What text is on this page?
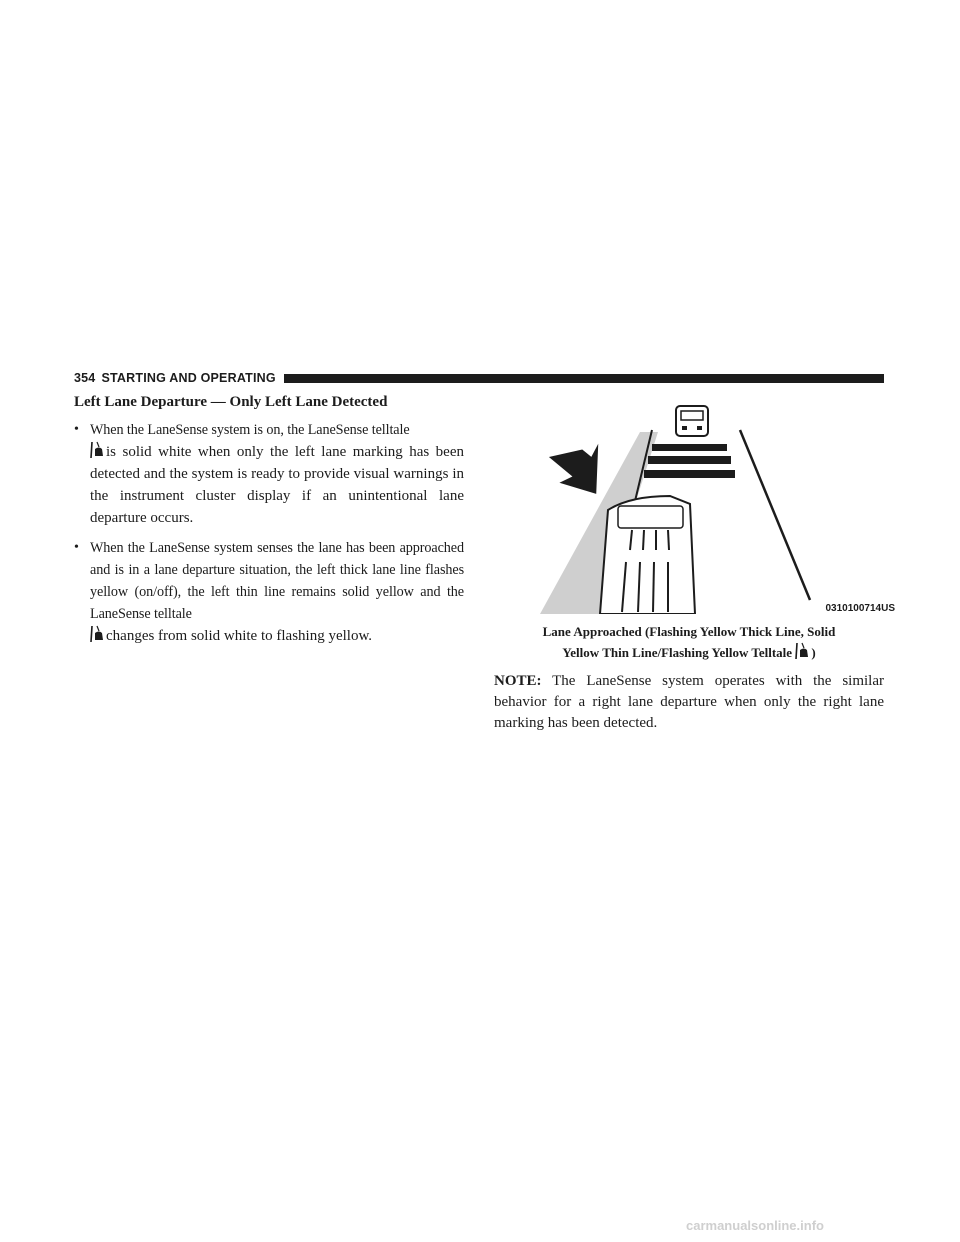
354 STARTING AND OPERATING
Left Lane Departure — Only Left Lane Detected
• When the LaneSense system is on, the LaneSense telltale

is solid white when only the left lane marking has been detected and the system is ready to provide visual warnings in the instrument cluster display if an unintentional lane departure occurs.
• When the LaneSense system senses the lane has been approached and is in a lane departure situation, the left thick lane line flashes yellow (on/off), the left thin line remains solid yellow and the LaneSense telltale

changes from solid white to flashing yellow.
0310100714US
Lane Approached (Flashing Yellow Thick Line, Solid
Yellow Thin Line/Flashing Yellow Telltale )
NOTE: The LaneSense system operates with the similar behavior for a right lane departure when only the right lane marking has been detected.
carmanualsonline.info
